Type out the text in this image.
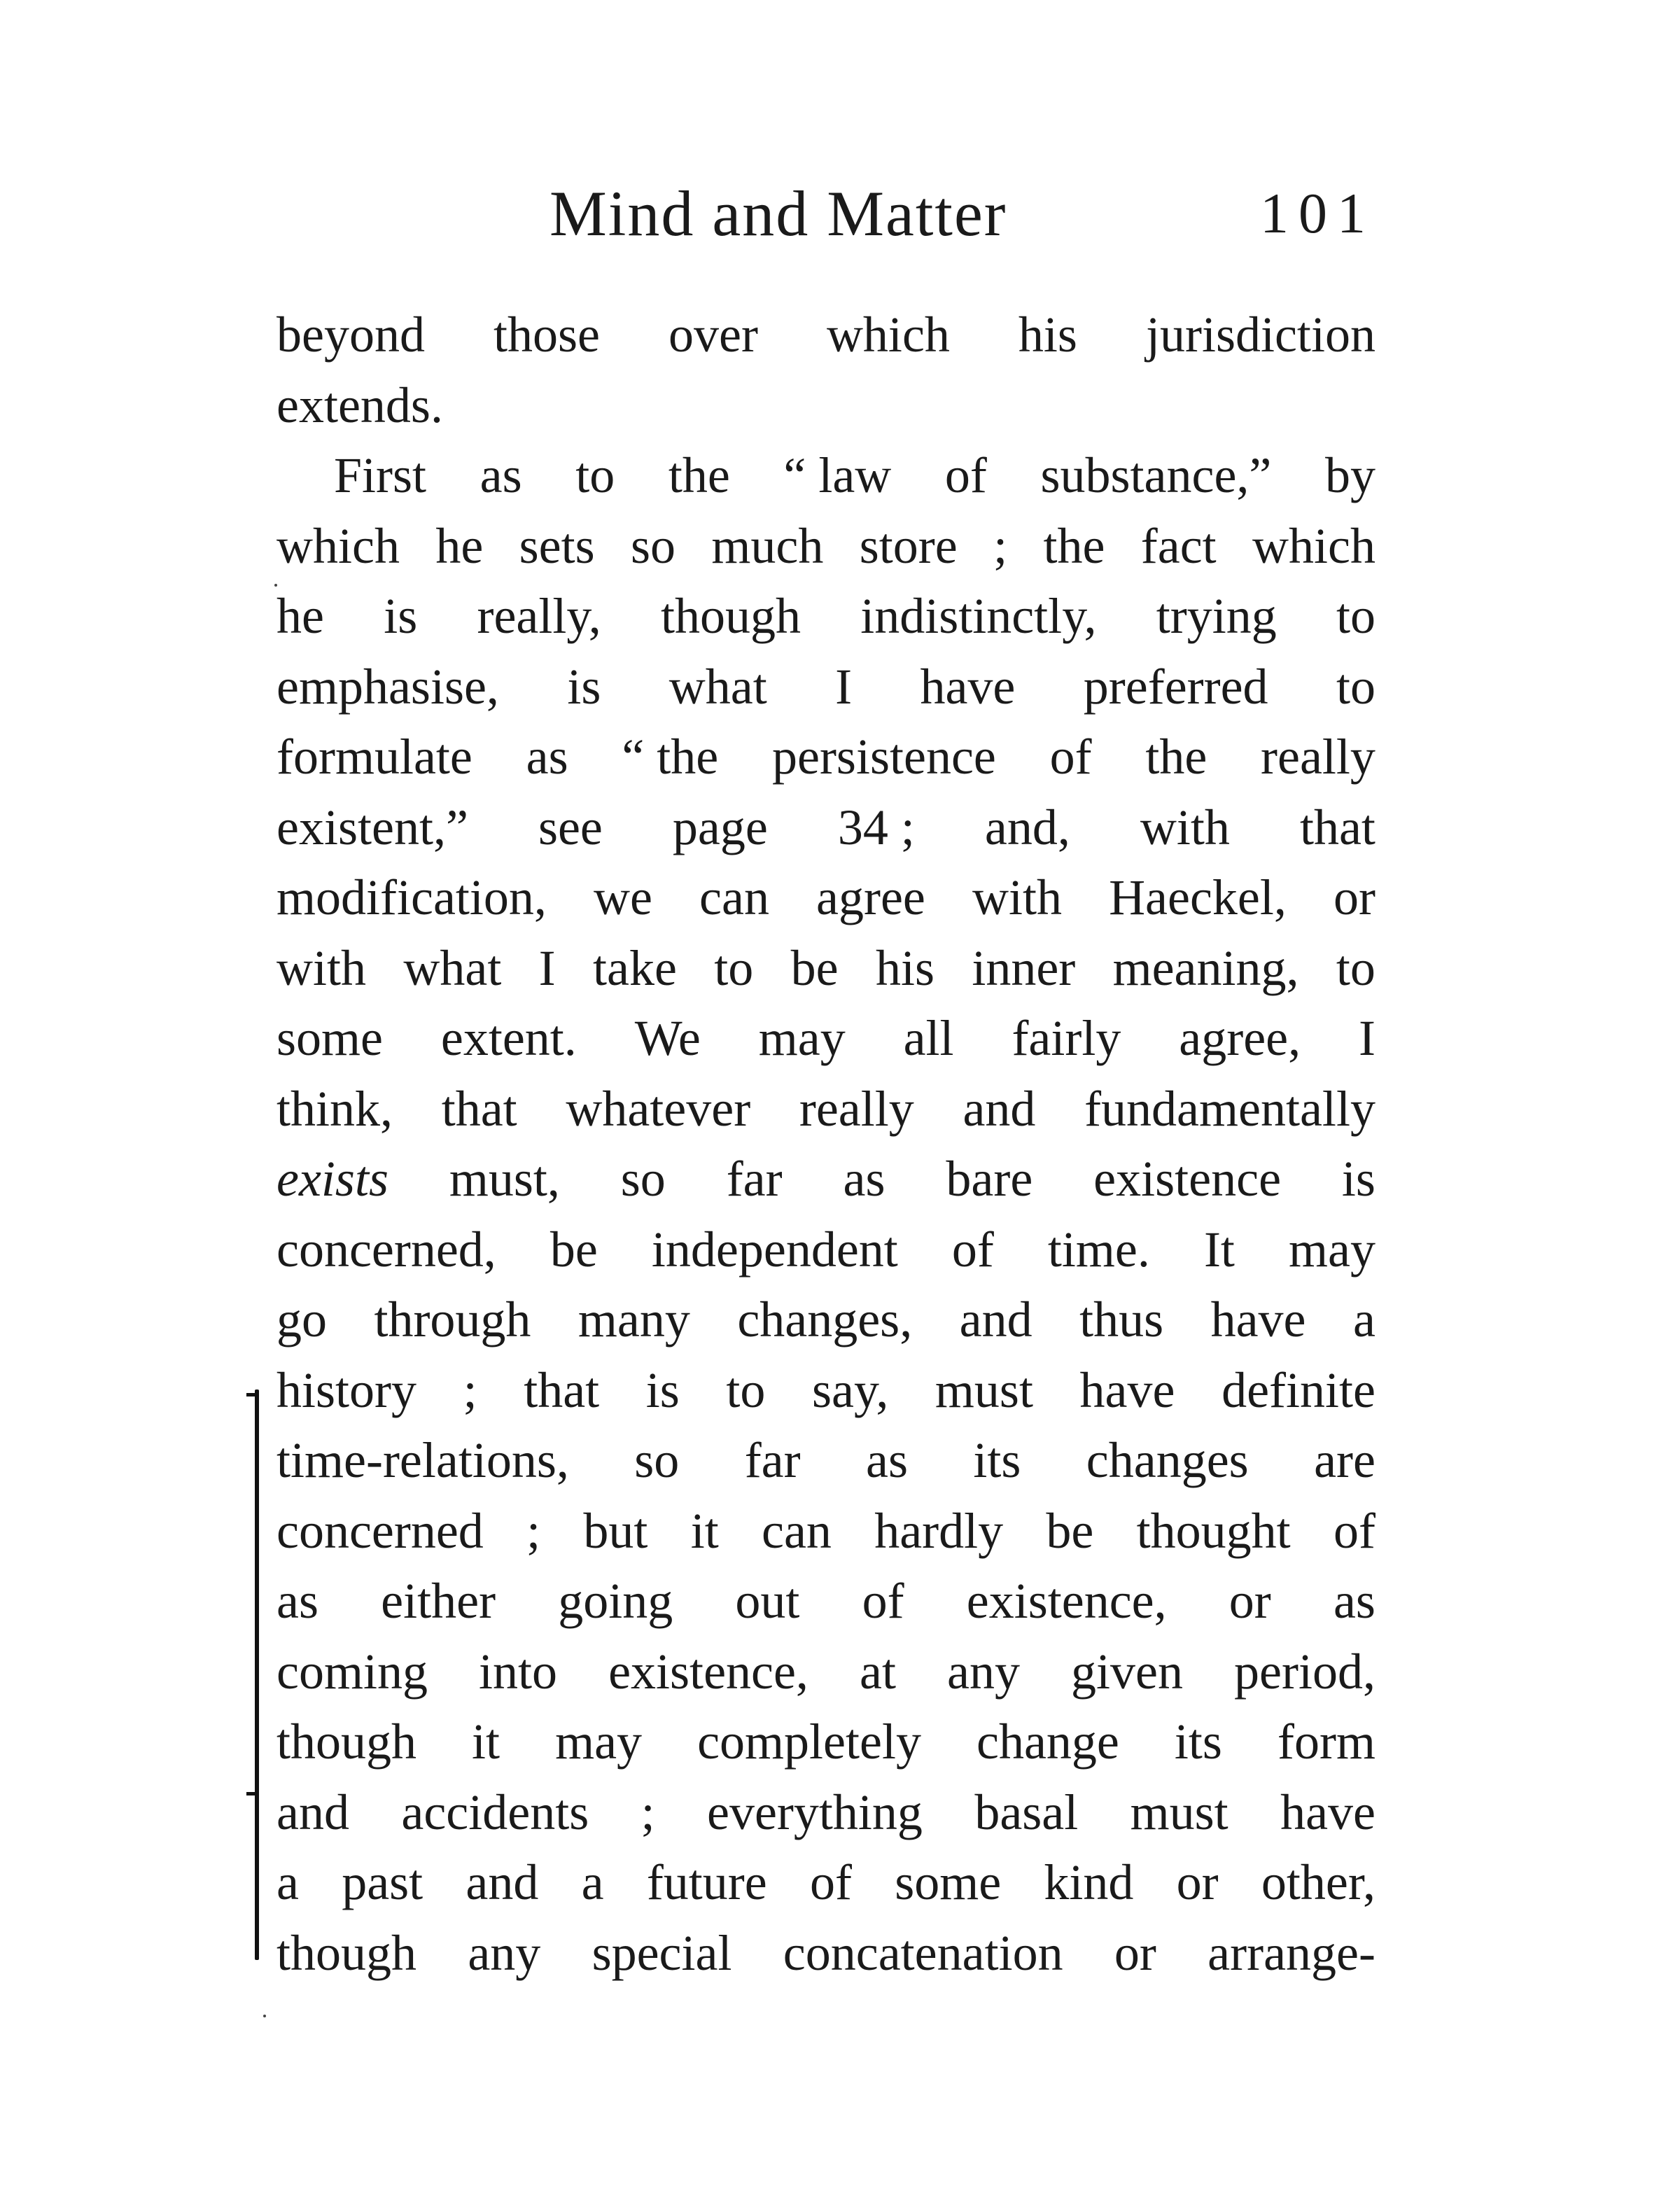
Mind and Matter	101
beyond those over which his jurisdiction
extends.
First as to the “ law of substance,” by
which he sets so much store ; the fact which
he is really, though indistinctly, trying to
emphasise, is what I have preferred to
formulate as “ the persistence of the really
existent,” see page 34 ; and, with that
modification, we can agree with Haeckel, or
with what I take to be his inner meaning, to
some extent. We may all fairly agree, I
think, that whatever really and fundamentally
exists must, so far as bare existence is
concerned, be independent of time. It may
go through many changes, and thus have a
history ; that is to say, must have definite
time-relations, so far as its changes are
concerned ; but it can hardly be thought of
as either going out of existence, or as
coming into existence, at any given period,
though it may completely change its form
and accidents ; everything basal must have
a past and a future of some kind or other,
though any special concatenation or arrange-
